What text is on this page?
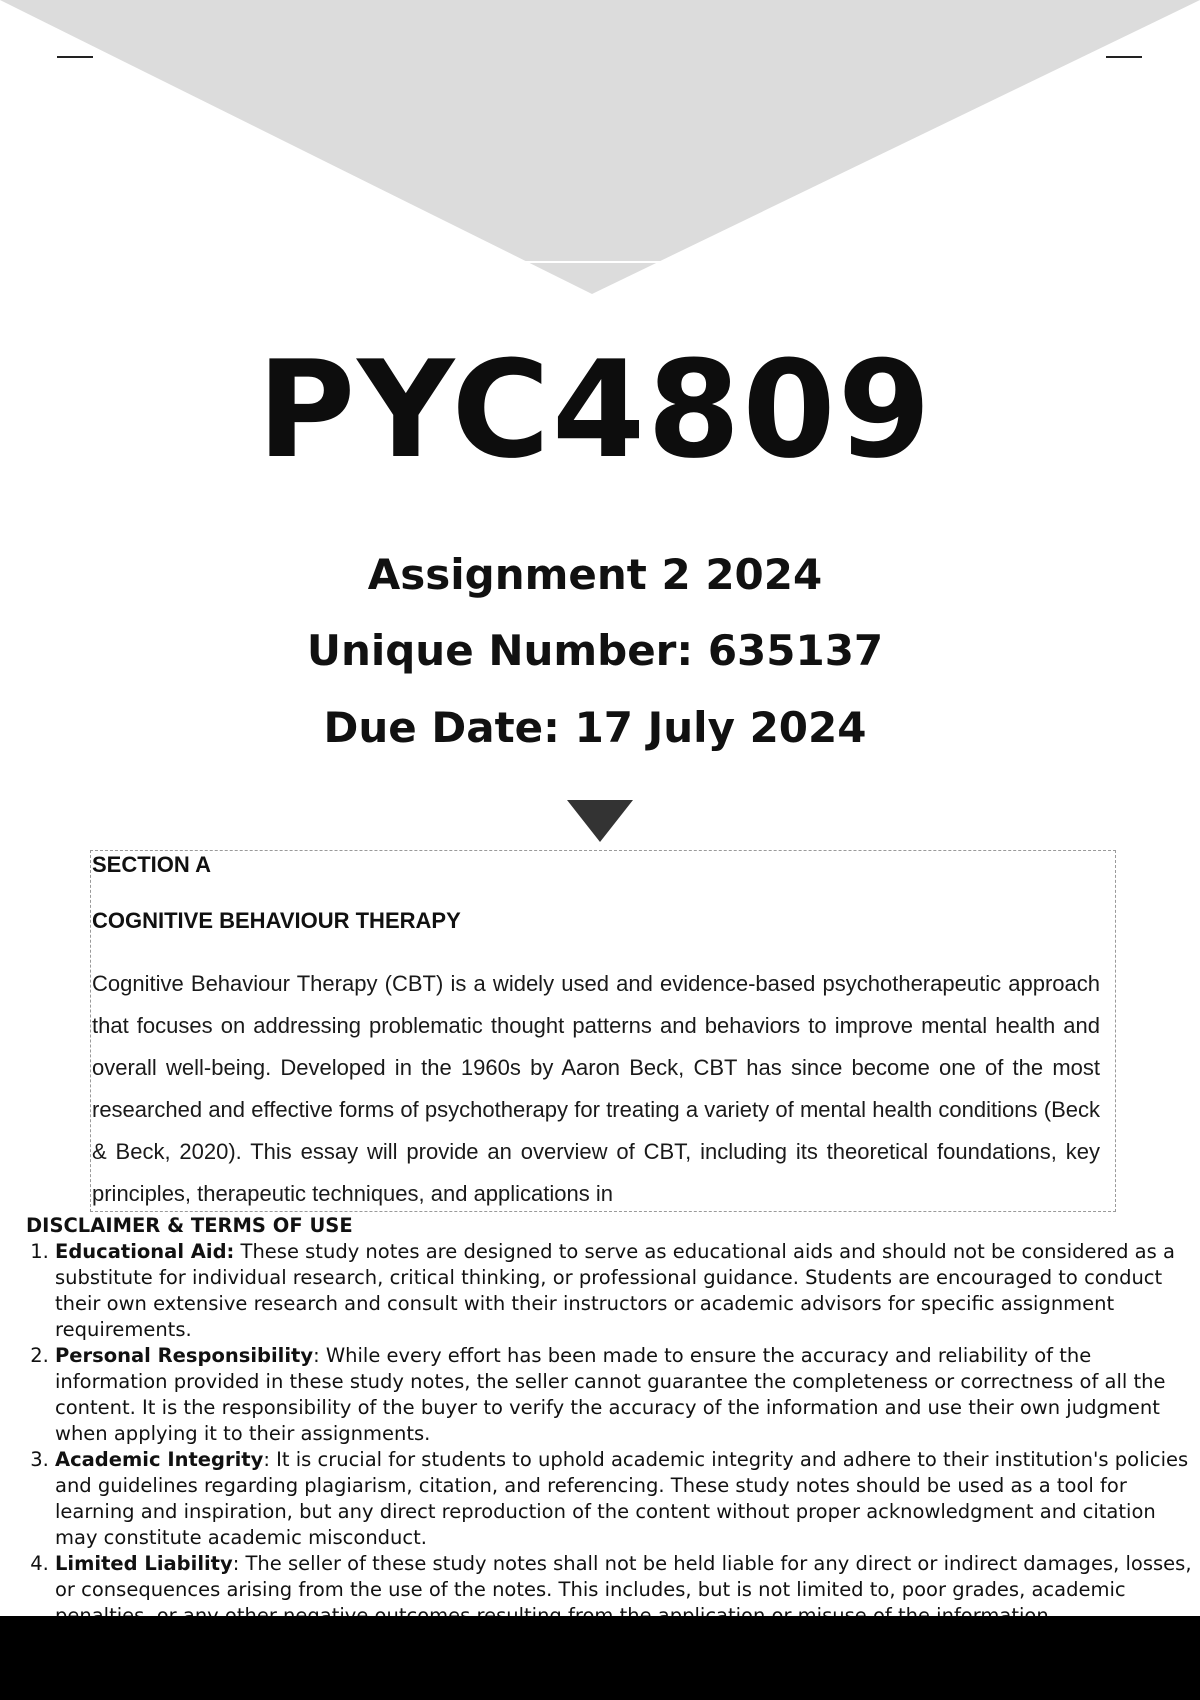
PYC4809
Assignment 2 2024
Unique Number: 635137
Due Date: 17 July 2024
SECTION A
COGNITIVE BEHAVIOUR THERAPY
Cognitive Behaviour Therapy (CBT) is a widely used and evidence-based psychotherapeutic approach that focuses on addressing problematic thought patterns and behaviors to improve mental health and overall well-being. Developed in the 1960s by Aaron Beck, CBT has since become one of the most researched and effective forms of psychotherapy for treating a variety of mental health conditions (Beck & Beck, 2020). This essay will provide an overview of CBT, including its theoretical foundations, key principles, therapeutic techniques, and applications in
DISCLAIMER & TERMS OF USE
1. Educational Aid: These study notes are designed to serve as educational aids and should not be considered as a substitute for individual research, critical thinking, or professional guidance. Students are encouraged to conduct their own extensive research and consult with their instructors or academic advisors for specific assignment requirements.
2. Personal Responsibility: While every effort has been made to ensure the accuracy and reliability of the information provided in these study notes, the seller cannot guarantee the completeness or correctness of all the content. It is the responsibility of the buyer to verify the accuracy of the information and use their own judgment when applying it to their assignments.
3. Academic Integrity: It is crucial for students to uphold academic integrity and adhere to their institution's policies and guidelines regarding plagiarism, citation, and referencing. These study notes should be used as a tool for learning and inspiration, but any direct reproduction of the content without proper acknowledgment and citation may constitute academic misconduct.
4. Limited Liability: The seller of these study notes shall not be held liable for any direct or indirect damages, losses, or consequences arising from the use of the notes. This includes, but is not limited to, poor grades, academic
